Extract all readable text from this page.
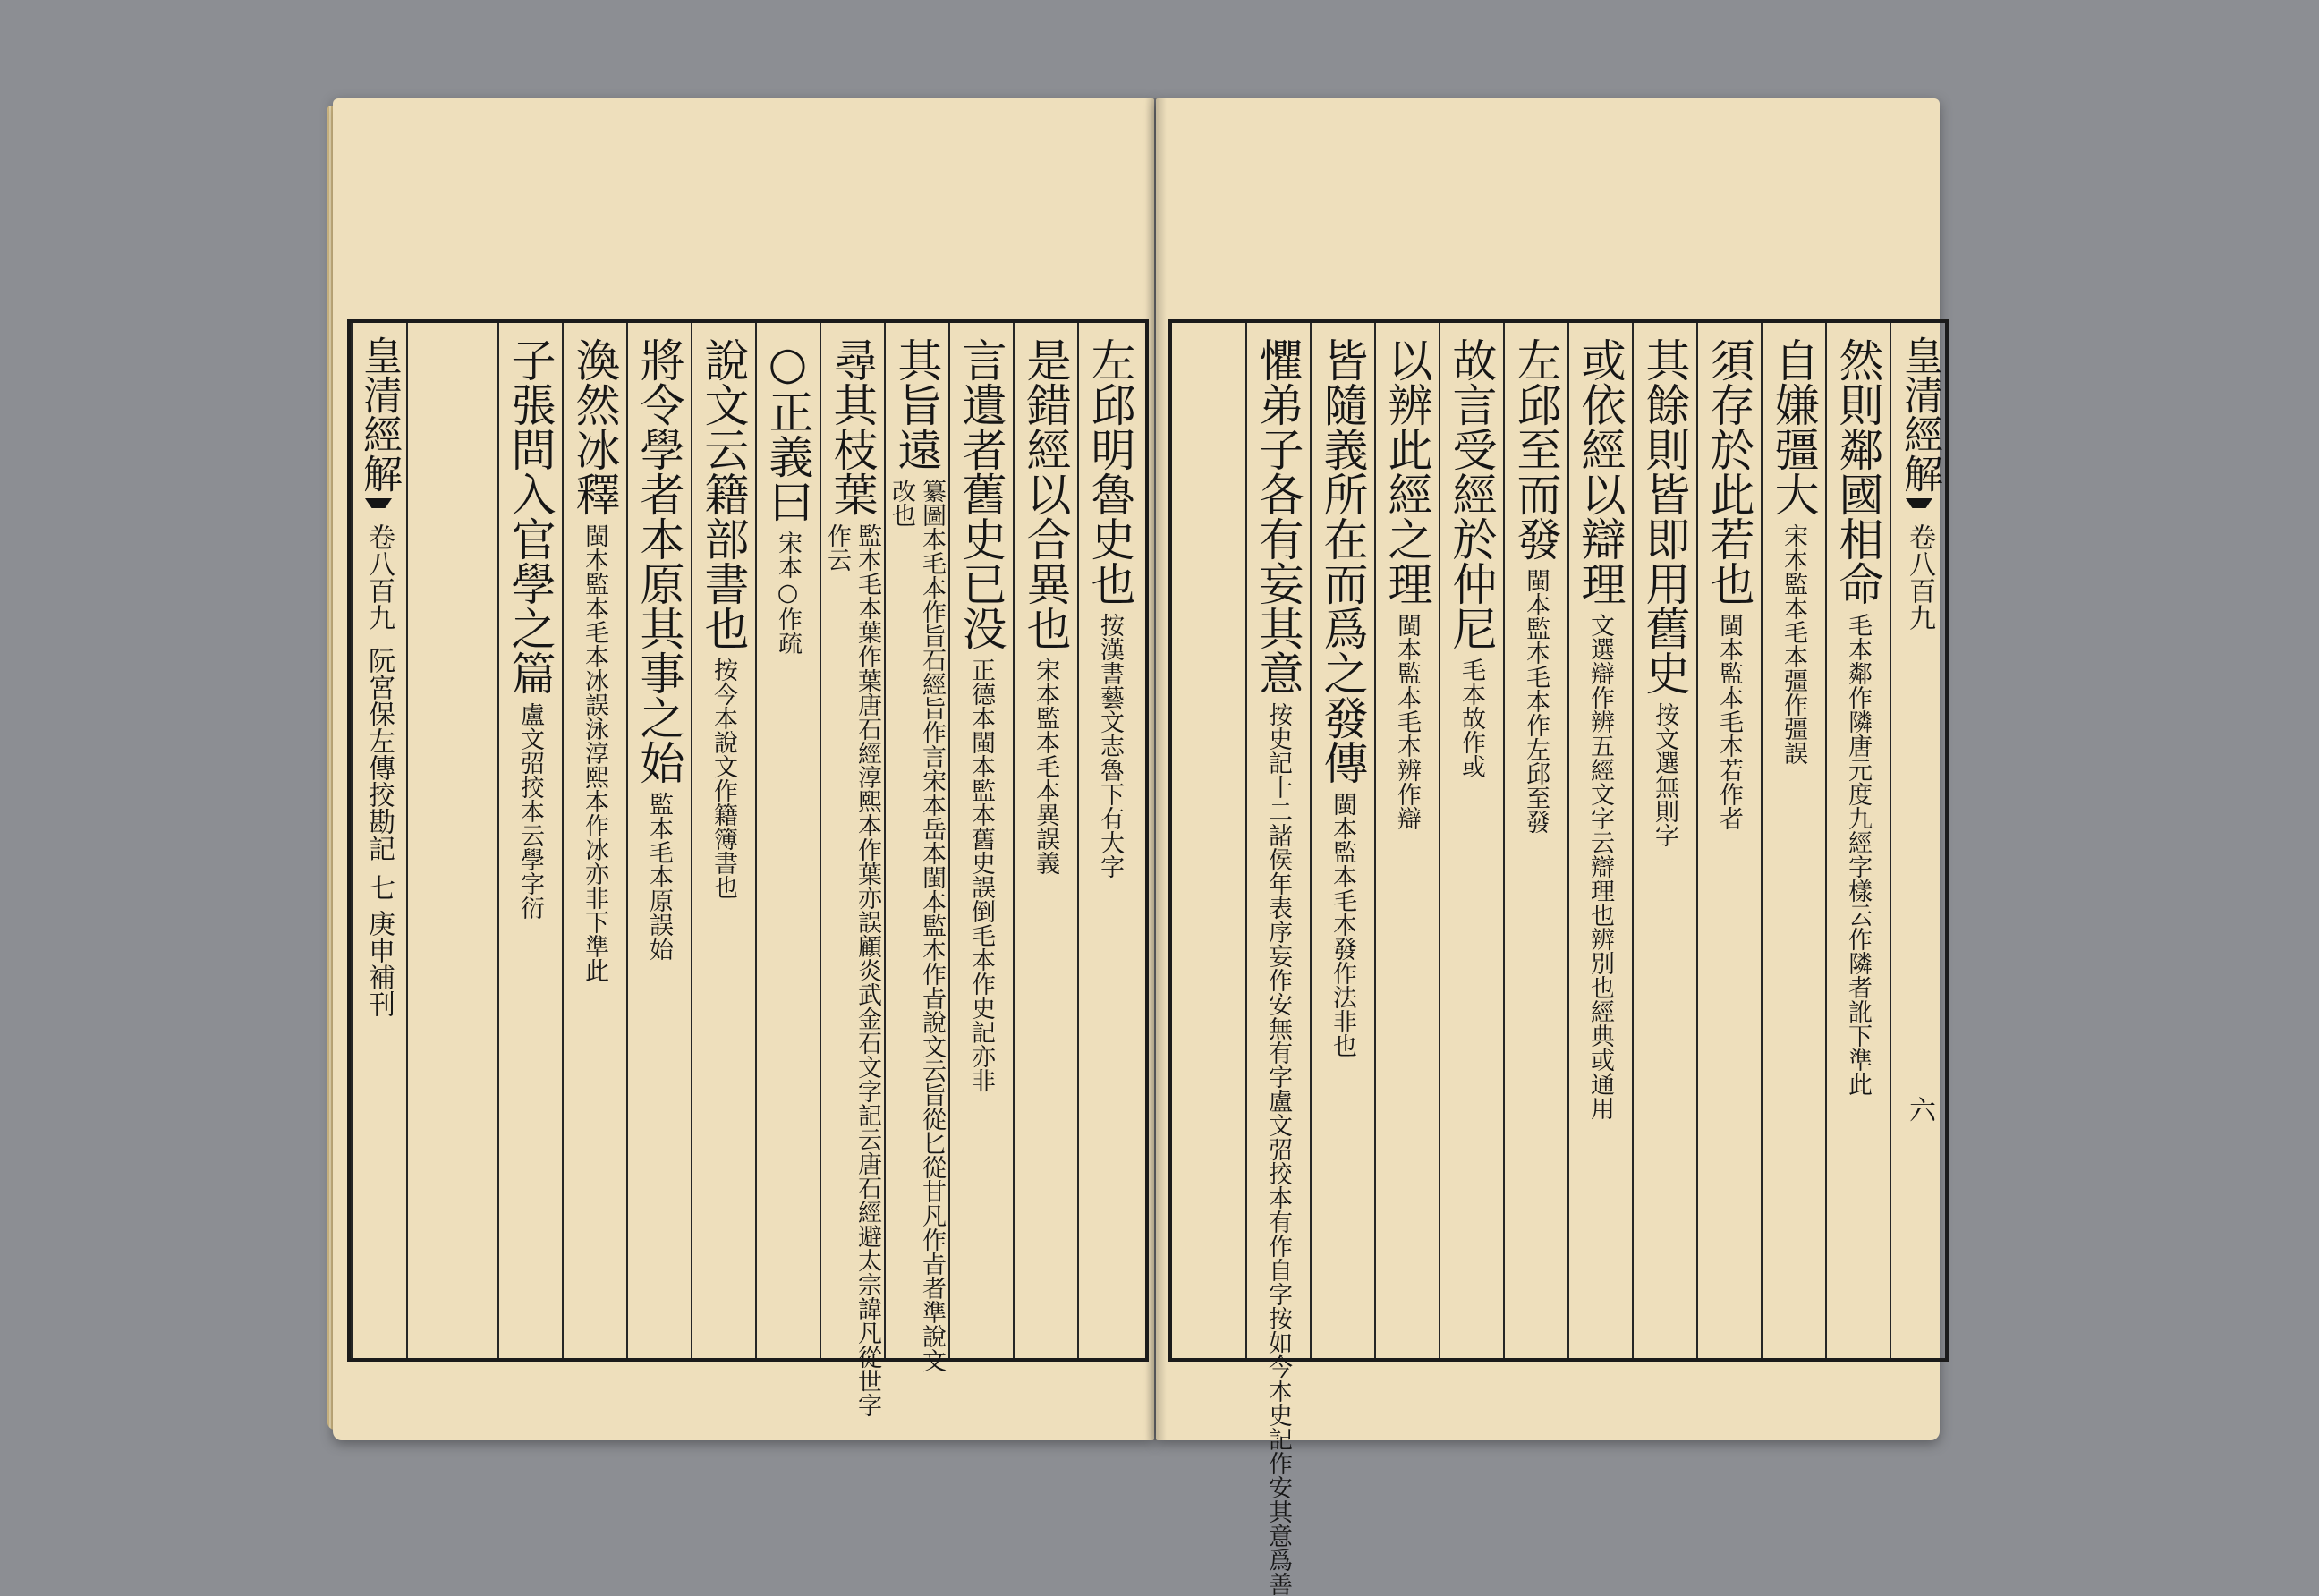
左邱明魯史也
按漢書藝文志魯下有大字
是錯經以合異也
宋本監本毛本異誤義
言遺者舊史已没
正德本閩本監本舊史誤倒毛本作史記亦非
其旨遠
纂圖本毛本作旨石經旨作言宋本岳本閩本監本作㫖說文云旨從匕從甘凡作㫖者準說文改也
尋其枝葉
監本毛本葉作葉唐石經淳熙本作葉亦誤顧炎武金石文字記云唐石經避太宗諱凡從世字作云
○正義曰
宋本○作疏
說文云籍部書也
按今本說文作籍簿書也
將令學者本原其事之始
監本毛本原誤始
渙然冰釋
閩本監本毛本冰誤泳淳熙本作冰亦非下準此
子張問入官學之篇
盧文弨挍本云學字衍
皇清經解
卷八百九
阮宮保左傳挍勘記
七
庚申補刊
然則鄰國相命
毛本鄰作隣唐元度九經字樣云作隣者訛下準此
自嫌彊大
宋本監本毛本彊作彊誤
須存於此若也
閩本監本毛本若作者
其餘則皆即用舊史
按文選無則字
或依經以辯理
文選辯作辨五經文字云辯理也辨別也經典或通用
左邱至而發
閩本監本毛本作左邱至發
故言受經於仲尼
毛本故作或
以辨此經之理
閩本監本毛本辨作辯
皆隨義所在而爲之發傳
閩本監本毛本發作法非也
懼弟子各有妄其意
按史記十二諸侯年表序妄作安無有字盧文弨挍本有作自字按如今本史記作安其意爲善
皇清經解
卷八百九
六
